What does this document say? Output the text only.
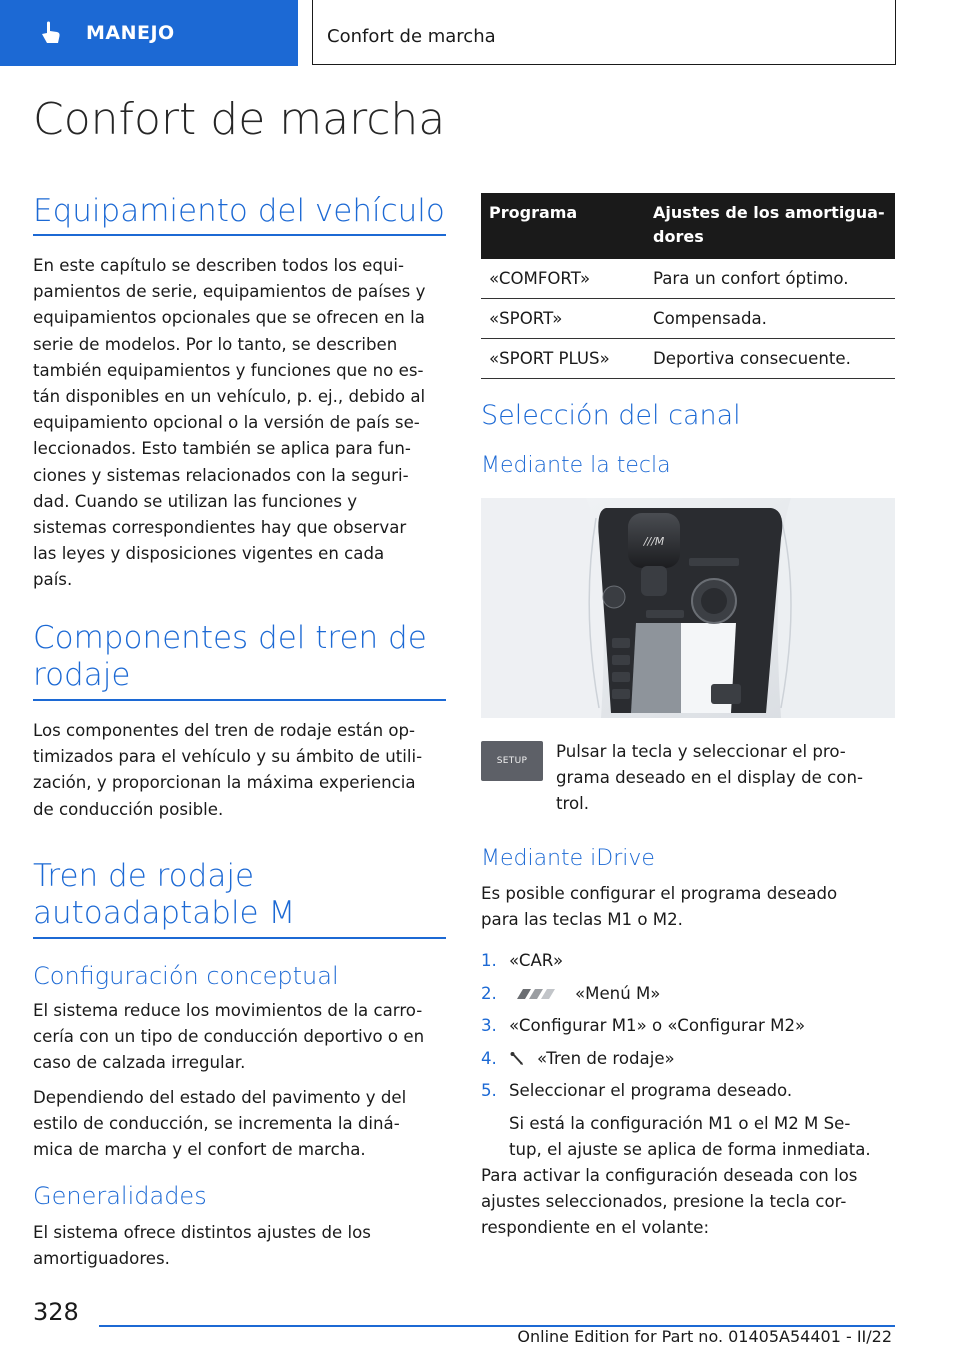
MANEJO	Confort de marcha
Confort de marcha
Equipamiento del vehículo

En este capítulo se describen todos los equi-
pamientos de serie, equipamientos de países y
equipamientos opcionales que se ofrecen en la
serie de modelos. Por lo tanto, se describen
también equipamientos y funciones que no es-
tán disponibles en un vehículo, p. ej., debido al
equipamiento opcional o la versión de país se-
leccionados. Esto también se aplica para fun-
ciones y sistemas relacionados con la seguri-
dad. Cuando se utilizan las funciones y
sistemas correspondientes hay que observar
las leyes y disposiciones vigentes en cada
país.

Componentes del tren de
rodaje

Los componentes del tren de rodaje están op-
timizados para el vehículo y su ámbito de utili-
zación, y proporcionan la máxima experiencia
de conducción posible.

Tren de rodaje
autoadaptable M
Configuración conceptual

El sistema reduce los movimientos de la carro-
cería con un tipo de conducción deportivo o en
caso de calzada irregular.

Dependiendo del estado del pavimento y del
estilo de conducción, se incrementa la diná-
mica de marcha y el confort de marcha.

Generalidades

El sistema ofrece distintos ajustes de los
amortiguadores.

Programa	Ajustes de los amortigua-
dores
«COMFORT»	Para un confort óptimo.
«SPORT»	Compensada.
«SPORT PLUS»	Deportiva consecuente.
Selección del canal
Mediante la tecla
///M
SETUP Pulsar la tecla y seleccionar el pro-
grama deseado en el display de con-
trol.

Mediante iDrive

Es posible configurar el programa deseado
para las teclas M1 o M2.

1. «CAR»
2.	«Menú M»
3. «Configurar M1» o «Configurar M2»
4. «Tren de rodaje»
5. Seleccionar el programa deseado.
Si está la configuración M1 o el M2 M Se-
tup, el ajuste se aplica de forma inmediata.

Para activar la configuración deseada con los
ajustes seleccionados, presione la tecla cor-
respondiente en el volante:

328
Online Edition for Part no. 01405A54401 - II/22
